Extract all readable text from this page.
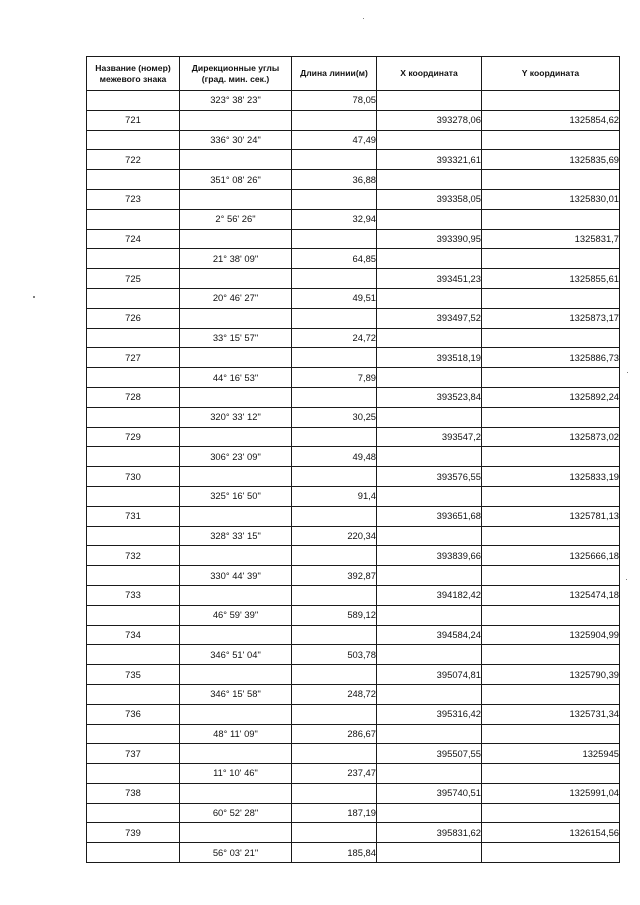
Название (номер) межевого знака	Дирекционные углы (град. мин. сек.)	Длина линии(м)	X координата	Y координата
	323° 38' 23"	78,05		
721			393278,06	1325854,62
	336° 30' 24"	47,49		
722			393321,61	1325835,69
	351° 08' 26"	36,88		
723			393358,05	1325830,01
	2° 56' 26"	32,94		
724			393390,95	1325831,7
	21° 38' 09"	64,85		
725			393451,23	1325855,61
	20° 46' 27"	49,51		
726			393497,52	1325873,17
	33° 15' 57"	24,72		
727			393518,19	1325886,73
	44° 16' 53"	7,89		
728			393523,84	1325892,24
	320° 33' 12"	30,25		
729			393547,2	1325873,02
	306° 23' 09"	49,48		
730			393576,55	1325833,19
	325° 16' 50"	91,4		
731			393651,68	1325781,13
	328° 33' 15"	220,34		
732			393839,66	1325666,18
	330° 44' 39"	392,87		
733			394182,42	1325474,18
	46° 59' 39"	589,12		
734			394584,24	1325904,99
	346° 51' 04"	503,78		
735			395074,81	1325790,39
	346° 15' 58"	248,72		
736			395316,42	1325731,34
	48° 11' 09"	286,67		
737			395507,55	1325945
	11° 10' 46"	237,47		
738			395740,51	1325991,04
	60° 52' 28"	187,19		
739			395831,62	1326154,56
	56° 03' 21"	185,84		
